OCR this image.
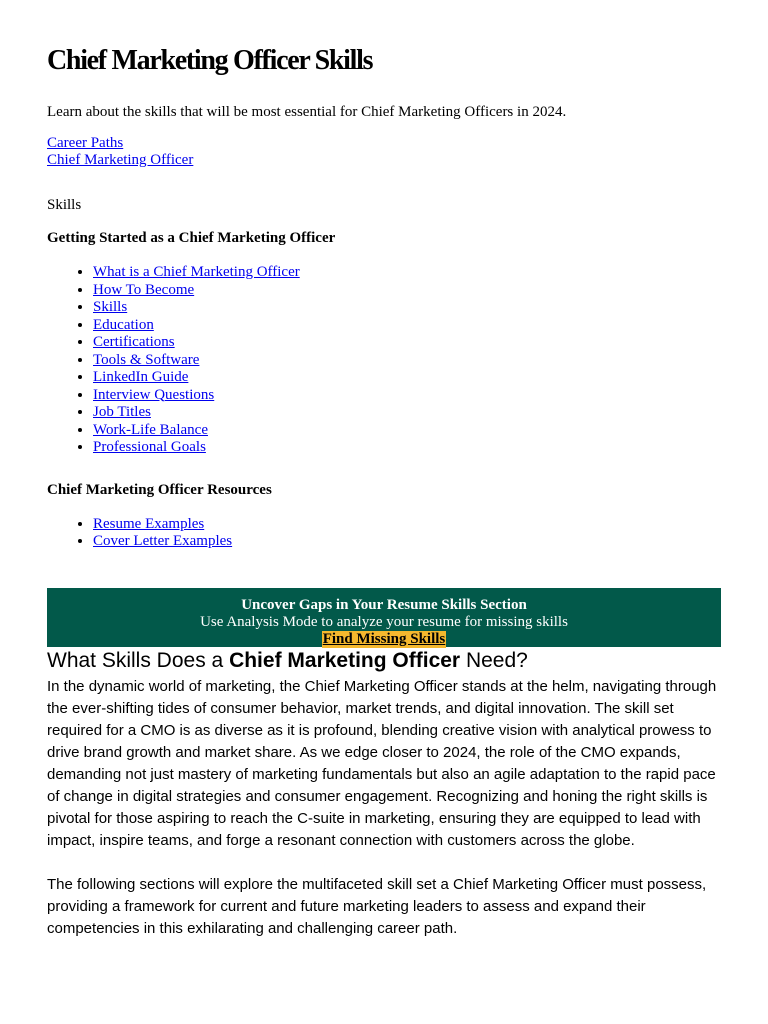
Chief Marketing Officer Skills

Learn about the skills that will be most essential for Chief Marketing Officers in 2024.

Career Paths
Chief Marketing Officer
Skills
Getting Started as a Chief Marketing Officer
• What is a Chief Marketing Officer
• How To Become
• Skills
• Education
• Certifications
• Tools & Software
• LinkedIn Guide
• Interview Questions
• Job Titles
• Work-Life Balance
• Professional Goals
Chief Marketing Officer Resources
• Resume Examples
• Cover Letter Examples
Uncover Gaps in Your Resume Skills Section
Use Analysis Mode to analyze your resume for missing skills
Find Missing Skills
What Skills Does a Chief Marketing Officer Need?

In the dynamic world of marketing, the Chief Marketing Officer stands at the helm, navigating through the ever-shifting tides of consumer behavior, market trends, and digital innovation. The skill set required for a CMO is as diverse as it is profound, blending creative vision with analytical prowess to drive brand growth and market share. As we edge closer to 2024, the role of the CMO expands, demanding not just mastery of marketing fundamentals but also an agile adaptation to the rapid pace of change in digital strategies and consumer engagement. Recognizing and honing the right skills is pivotal for those aspiring to reach the C-suite in marketing, ensuring they are equipped to lead with impact, inspire teams, and forge a resonant connection with customers across the globe.

The following sections will explore the multifaceted skill set a Chief Marketing Officer must possess, providing a framework for current and future marketing leaders to assess and expand their competencies in this exhilarating and challenging career path.
